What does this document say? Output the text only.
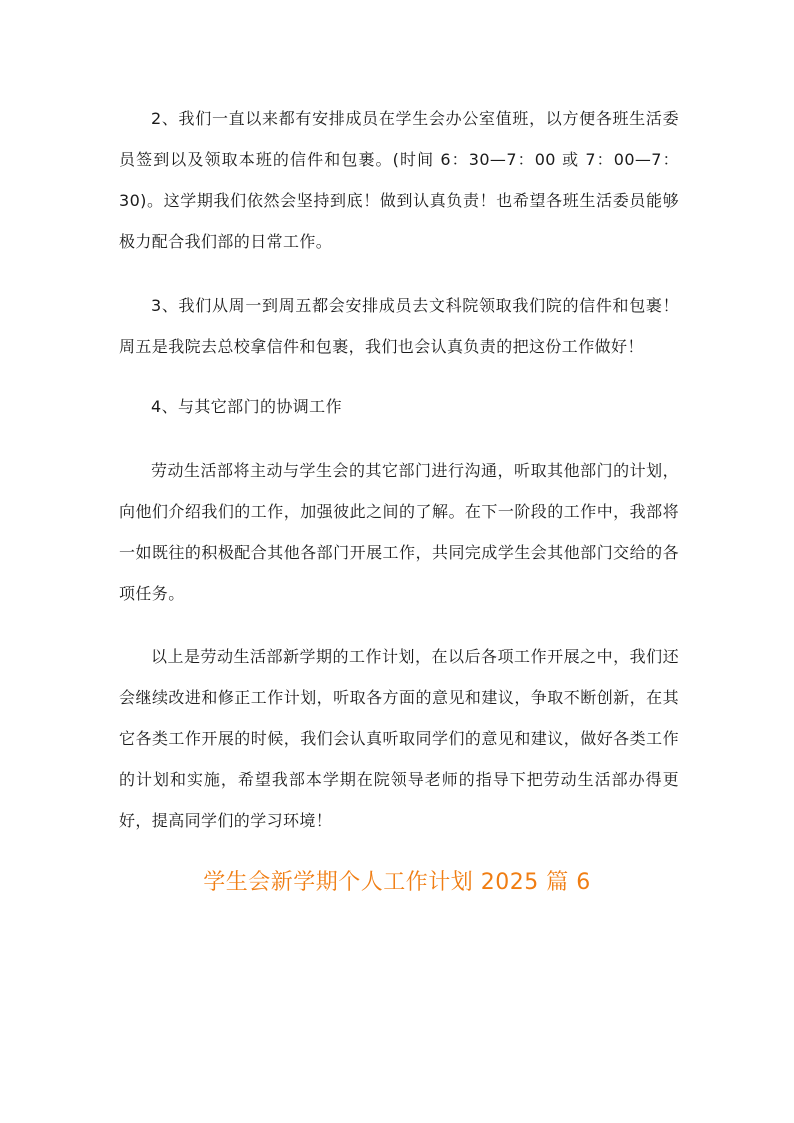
2、我们一直以来都有安排成员在学生会办公室值班，以方便各班生活委员签到以及领取本班的信件和包裹。(时间 6：30—7：00 或 7：00—7：30)。这学期我们依然会坚持到底！做到认真负责！也希望各班生活委员能够极力配合我们部的日常工作。

3、我们从周一到周五都会安排成员去文科院领取我们院的信件和包裹！周五是我院去总校拿信件和包裹，我们也会认真负责的把这份工作做好！

4、与其它部门的协调工作

劳动生活部将主动与学生会的其它部门进行沟通，听取其他部门的计划，向他们介绍我们的工作，加强彼此之间的了解。在下一阶段的工作中，我部将一如既往的积极配合其他各部门开展工作，共同完成学生会其他部门交给的各项任务。

以上是劳动生活部新学期的工作计划，在以后各项工作开展之中，我们还会继续改进和修正工作计划，听取各方面的意见和建议，争取不断创新，在其它各类工作开展的时候，我们会认真听取同学们的意见和建议，做好各类工作的计划和实施，希望我部本学期在院领导老师的指导下把劳动生活部办得更好，提高同学们的学习环境！

学生会新学期个人工作计划 2025 篇 6
